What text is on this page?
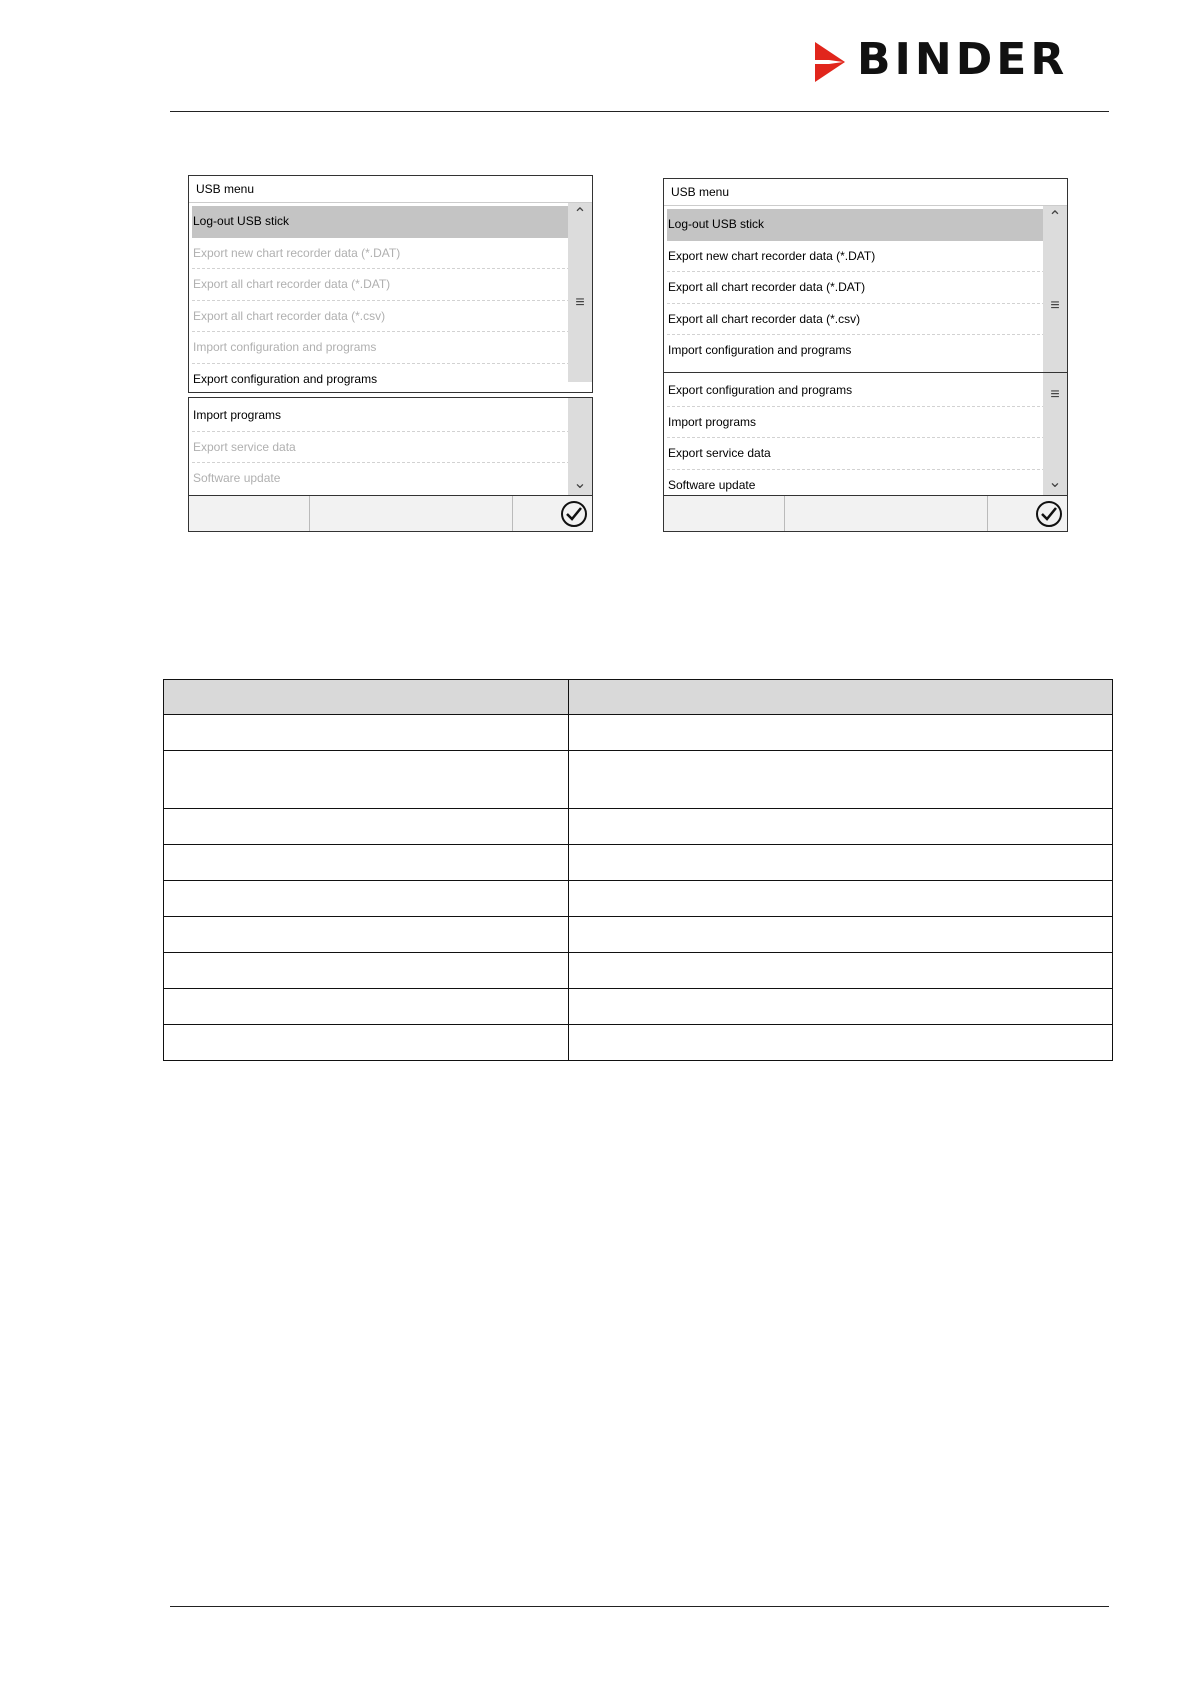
BINDER
USB menu
Log-out USB stick
Export new chart recorder data (*.DAT)
Export all chart recorder data (*.DAT)
Export all chart recorder data (*.csv)
Import configuration and programs
Export configuration and programs
⌃
≡
Import programs
Export service data
Software update	⌄
USB menu
Log-out USB stick
Export new chart recorder data (*.DAT)
Export all chart recorder data (*.DAT)
Export all chart recorder data (*.csv)
Import configuration and programs
⌃
≡
Export configuration and programs
Import programs
Export service data
Software update
≡
⌄
